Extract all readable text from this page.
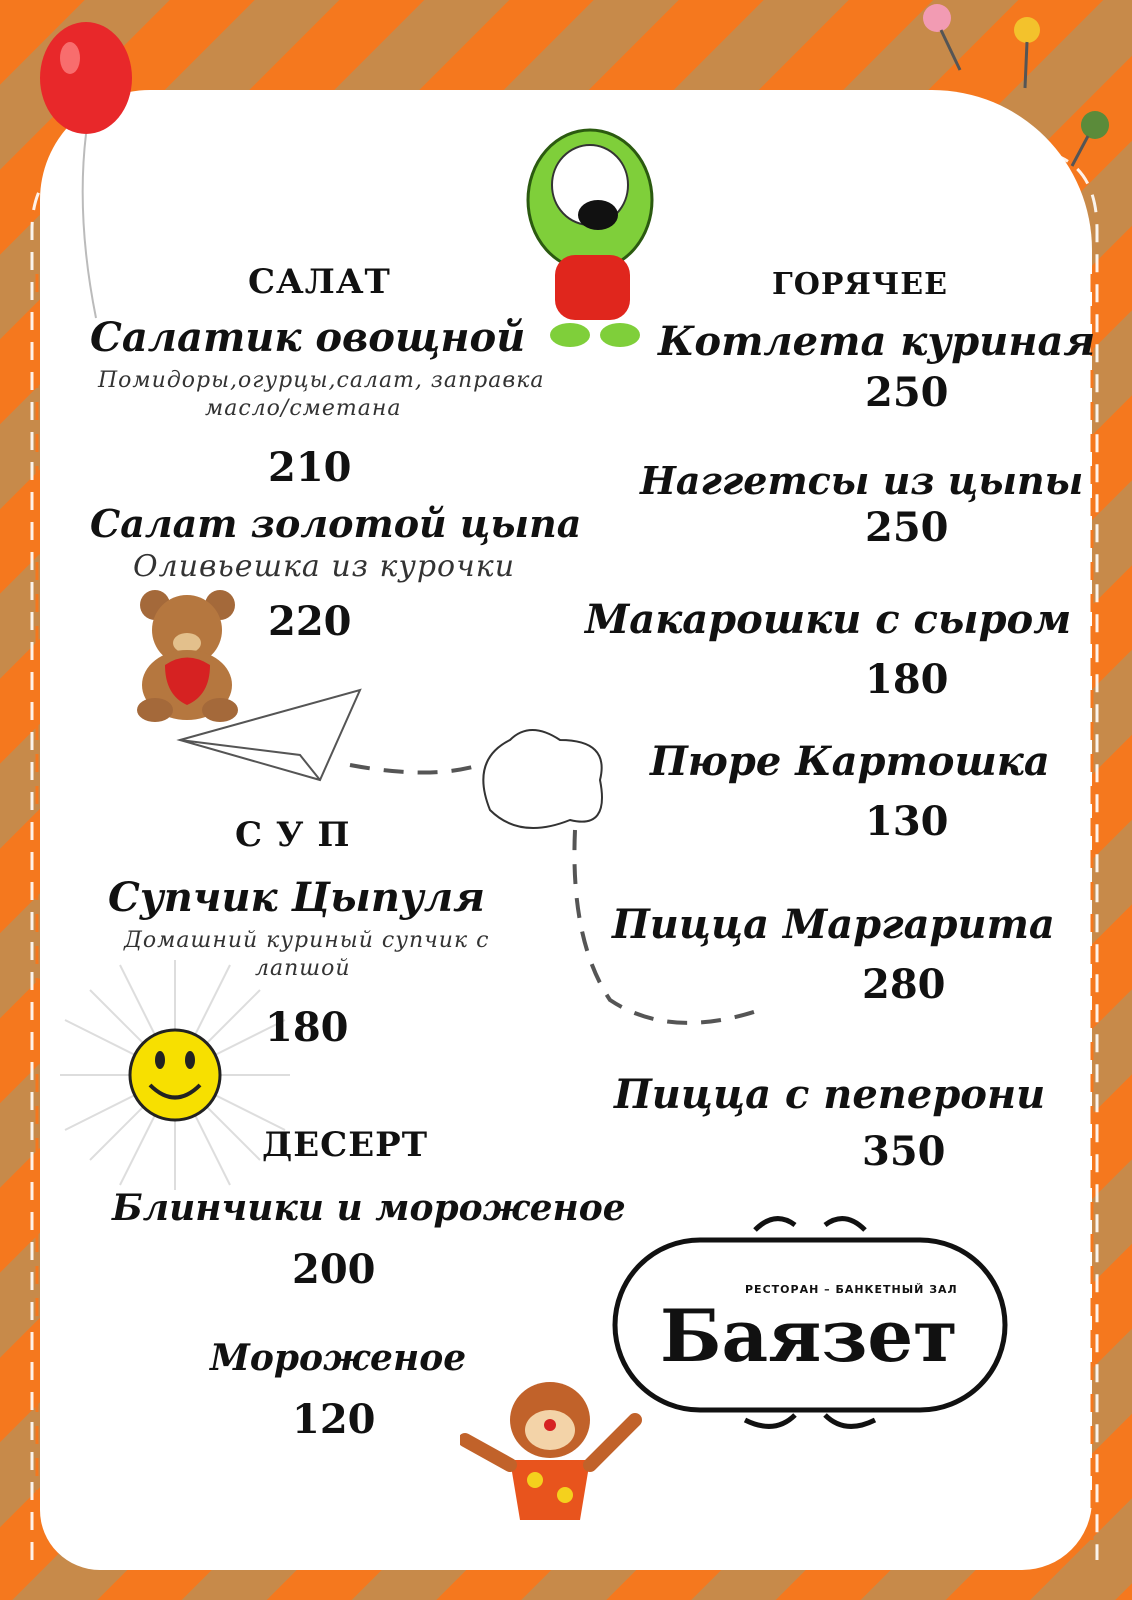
САЛАТ
Салатик овощной
Помидоры,огурцы,салат, заправка
масло/сметана
210
Салат золотой цыпа
Оливьешка из курочки
220
С У П
Супчик Цыпуля
Домашний куриный супчик с
лапшой
180
ДЕСЕРТ
Блинчики и мороженое
200
Мороженое
120
ГОРЯЧЕЕ
Котлета куриная
250
Наггетсы из цыпы
250
Макарошки с сыром
180
Пюре Картошка
130
Пицца Маргарита
280
Пицца с пеперони
350
РЕСТОРАН – БАНКЕТНЫЙ ЗАЛ
Баязет
